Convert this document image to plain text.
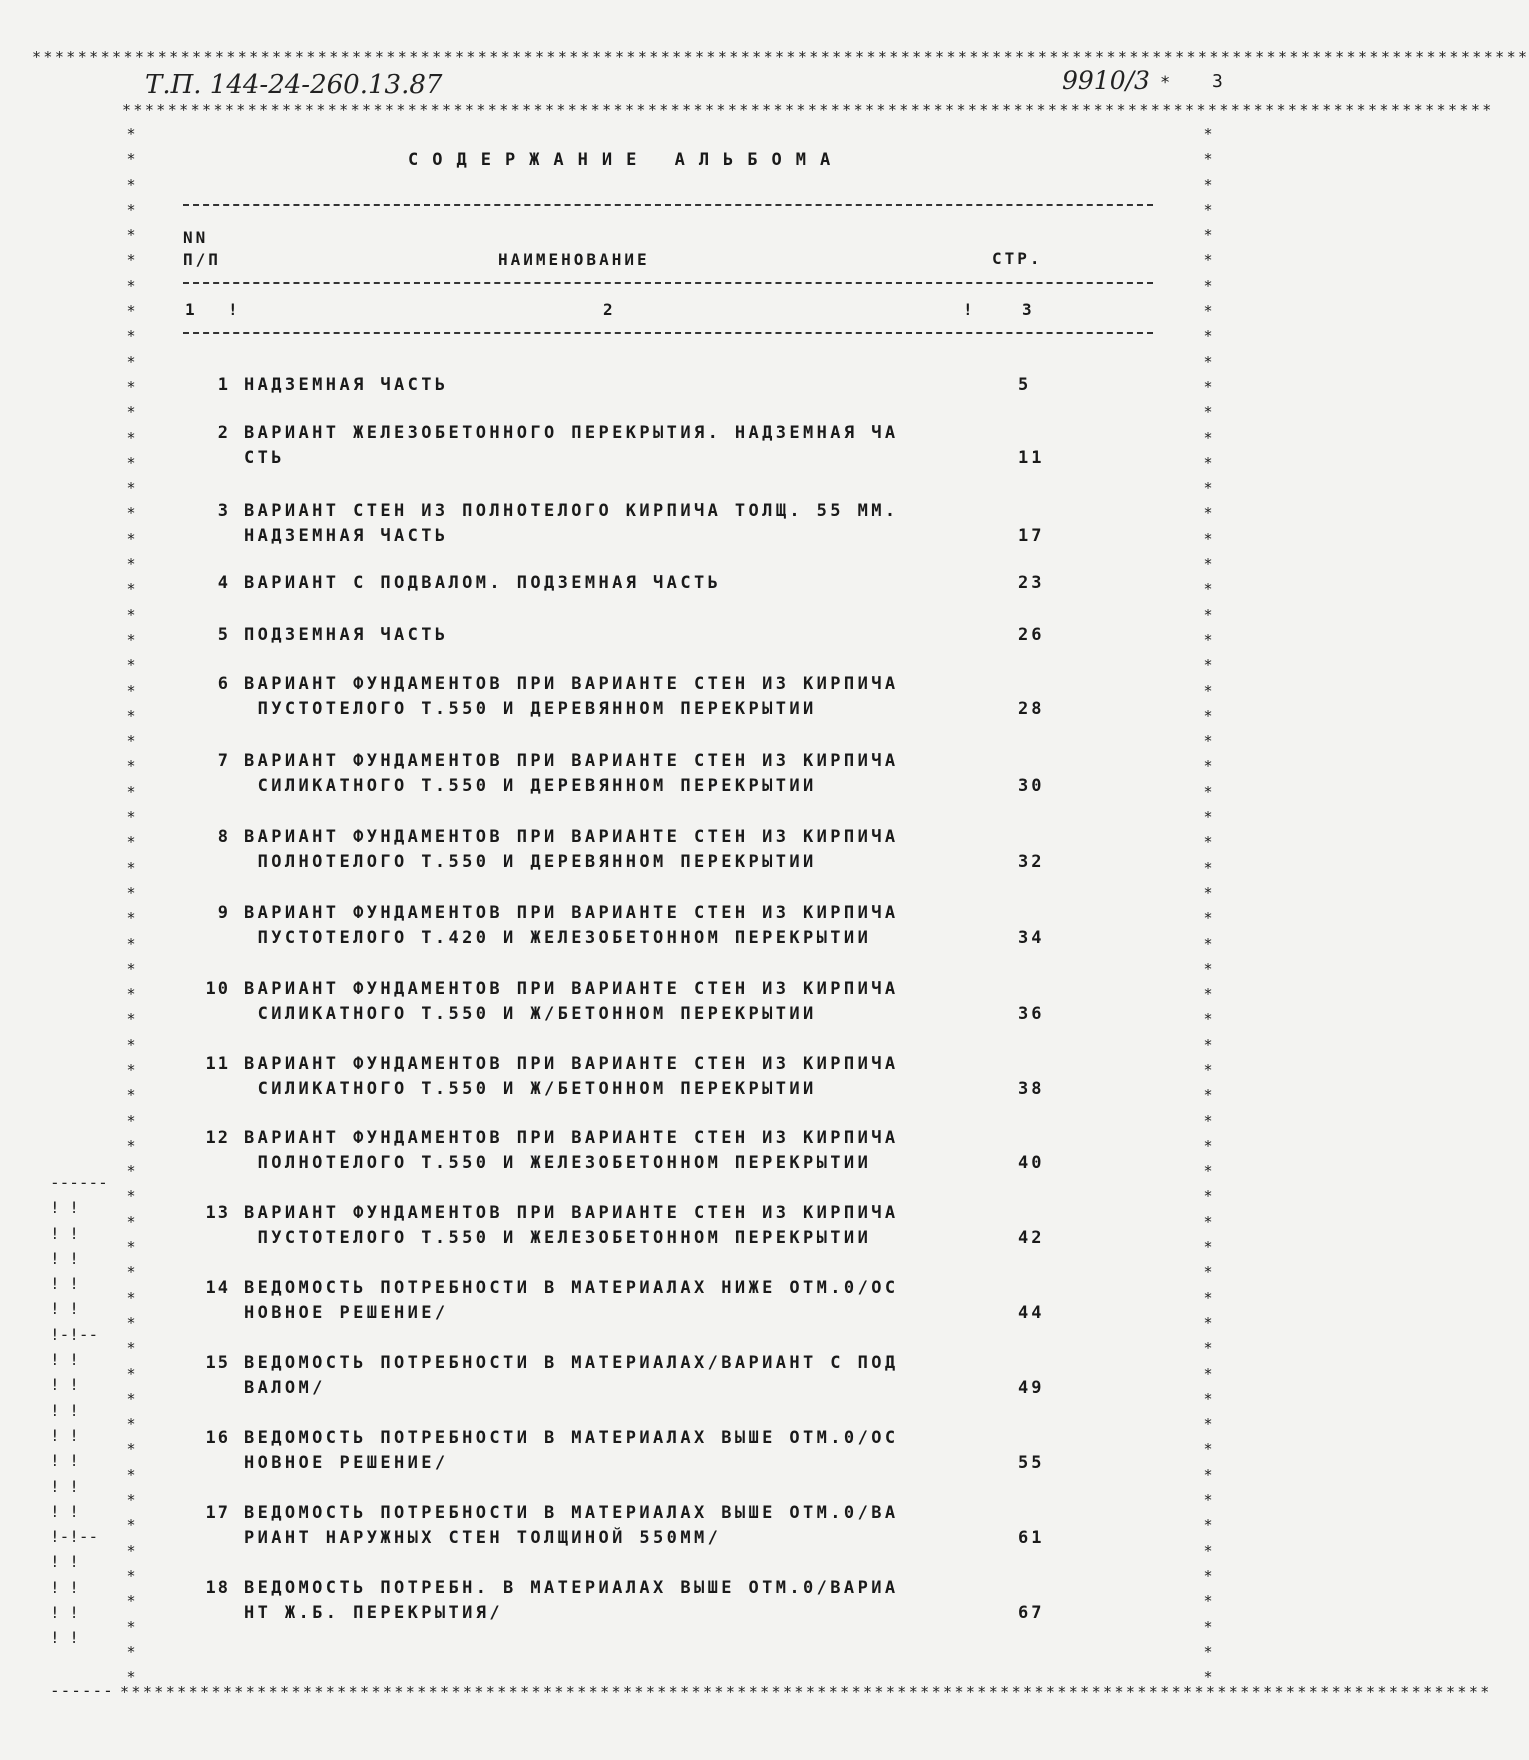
***********************************************************************************************************************************
************************************************************************************************************************
************************************************************************************************************************
------
*
*
*
*
*
*
*
*
*
*
*
*
*
*
*
*
*
*
*
*
*
*
*
*
*
*
*
*
*
*
*
*
*
*
*
*
*
*
*
*
*
*
*
*
*
*
*
*
*
*
*
*
*
*
*
*
*
*
*
*
*
*
*
*
*
*
*
*
*
*
*
*
*
*
*
*
*
*
*
*
*
*
*
*
*
*
*
*
*
*
*
*
*
*
*
*
*
*
*
*
*
*
*
*
*
*
*
*
*
*
*
*
*
*
*
*
*
*
*
*
*
*
*
*
------
! !
! !
! !
! !
! !
!-!--
! !
! !
! !
! !
! !
! !
! !
!-!--
! !
! !
! !
! !
Т.П. 144-24-260.13.87	9910/3 * 3
СОДЕРЖАНИЕ АЛЬБОМА
NN
П/П	НАИМЕНОВАНИЕ	СТР.
1 !	2	!	3
1 НАДЗЕМНАЯ ЧАСТЬ	5
2 ВАРИАНТ ЖЕЛЕЗОБЕТОННОГО ПЕРЕКРЫТИЯ. НАДЗЕМНАЯ ЧА
СТЬ	11
3 ВАРИАНТ СТЕН ИЗ ПОЛНОТЕЛОГО КИРПИЧА ТОЛЩ. 55 ММ.
НАДЗЕМНАЯ ЧАСТЬ	17
4 ВАРИАНТ С ПОДВАЛОМ. ПОДЗЕМНАЯ ЧАСТЬ	23
5 ПОДЗЕМНАЯ ЧАСТЬ	26
6 ВАРИАНТ ФУНДАМЕНТОВ ПРИ ВАРИАНТЕ СТЕН ИЗ КИРПИЧА
ПУСТОТЕЛОГО Т.550 И ДЕРЕВЯННОМ ПЕРЕКРЫТИИ	28
7 ВАРИАНТ ФУНДАМЕНТОВ ПРИ ВАРИАНТЕ СТЕН ИЗ КИРПИЧА
СИЛИКАТНОГО Т.550 И ДЕРЕВЯННОМ ПЕРЕКРЫТИИ	30
8 ВАРИАНТ ФУНДАМЕНТОВ ПРИ ВАРИАНТЕ СТЕН ИЗ КИРПИЧА
ПОЛНОТЕЛОГО Т.550 И ДЕРЕВЯННОМ ПЕРЕКРЫТИИ	32
9 ВАРИАНТ ФУНДАМЕНТОВ ПРИ ВАРИАНТЕ СТЕН ИЗ КИРПИЧА
ПУСТОТЕЛОГО Т.420 И ЖЕЛЕЗОБЕТОННОМ ПЕРЕКРЫТИИ	34
10 ВАРИАНТ ФУНДАМЕНТОВ ПРИ ВАРИАНТЕ СТЕН ИЗ КИРПИЧА
СИЛИКАТНОГО Т.550 И Ж/БЕТОННОМ ПЕРЕКРЫТИИ	36
11 ВАРИАНТ ФУНДАМЕНТОВ ПРИ ВАРИАНТЕ СТЕН ИЗ КИРПИЧА
СИЛИКАТНОГО Т.550 И Ж/БЕТОННОМ ПЕРЕКРЫТИИ	38
12 ВАРИАНТ ФУНДАМЕНТОВ ПРИ ВАРИАНТЕ СТЕН ИЗ КИРПИЧА
ПОЛНОТЕЛОГО Т.550 И ЖЕЛЕЗОБЕТОННОМ ПЕРЕКРЫТИИ	40
13 ВАРИАНТ ФУНДАМЕНТОВ ПРИ ВАРИАНТЕ СТЕН ИЗ КИРПИЧА
ПУСТОТЕЛОГО Т.550 И ЖЕЛЕЗОБЕТОННОМ ПЕРЕКРЫТИИ	42
14 ВЕДОМОСТЬ ПОТРЕБНОСТИ В МАТЕРИАЛАХ НИЖЕ ОТМ.0/ОС
НОВНОЕ РЕШЕНИЕ/	44
15 ВЕДОМОСТЬ ПОТРЕБНОСТИ В МАТЕРИАЛАХ/ВАРИАНТ С ПОД
ВАЛОМ/	49
16 ВЕДОМОСТЬ ПОТРЕБНОСТИ В МАТЕРИАЛАХ ВЫШЕ ОТМ.0/ОС
НОВНОЕ РЕШЕНИЕ/	55
17 ВЕДОМОСТЬ ПОТРЕБНОСТИ В МАТЕРИАЛАХ ВЫШЕ ОТМ.0/ВА
РИАНТ НАРУЖНЫХ СТЕН ТОЛЩИНОЙ 550ММ/	61
18 ВЕДОМОСТЬ ПОТРЕБН. В МАТЕРИАЛАХ ВЫШЕ ОТМ.0/ВАРИА
НТ Ж.Б. ПЕРЕКРЫТИЯ/	67
